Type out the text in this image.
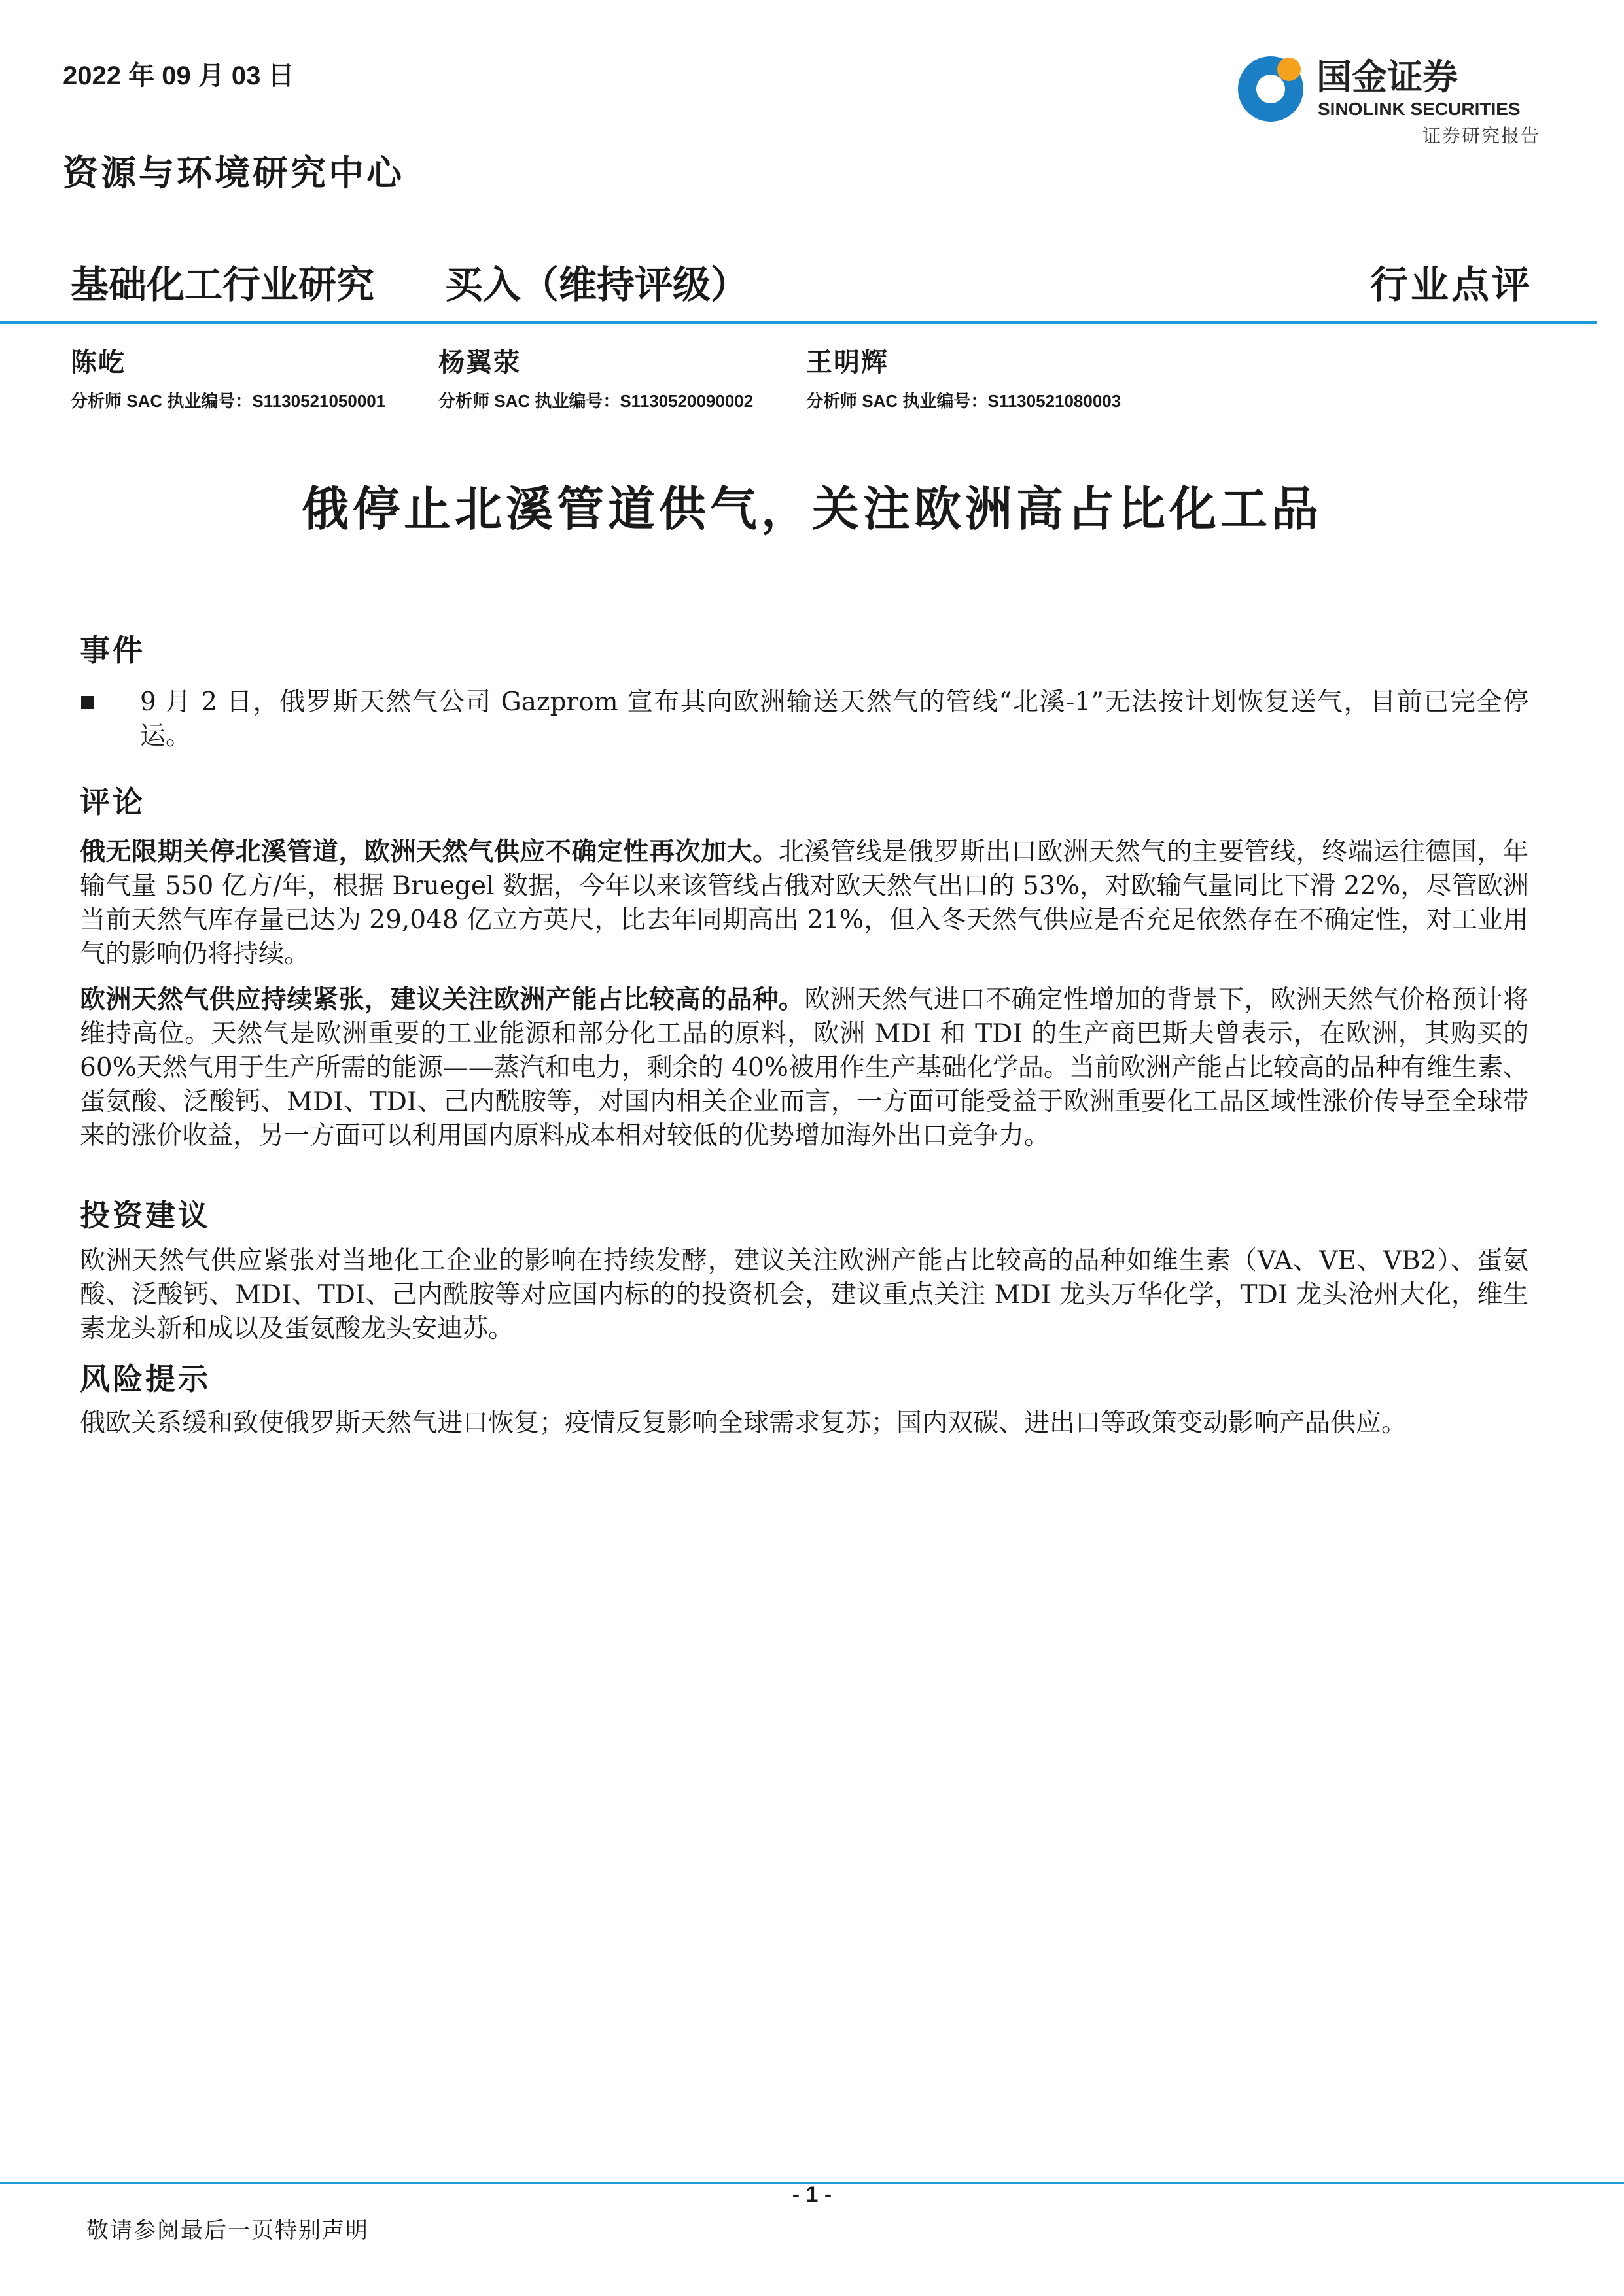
2022 年 09 月 03 日
资源与环境研究中心
国金证券
SINOLINK SECURITIES
证券研究报告
基础化工行业研究 买入（维持评级）	行业点评
陈屹
分析师 SAC 执业编号：S1130521050001
杨翼荥
分析师 SAC 执业编号：S1130520090002
王明辉
分析师 SAC 执业编号：S1130521080003
俄停止北溪管道供气，关注欧洲高占比化工品
事件
9 月 2 日，俄罗斯天然气公司 Gazprom 宣布其向欧洲输送天然气的管线“北溪-1”无法按计划恢复送气，目前已完全停运。
评论
俄无限期关停北溪管道，欧洲天然气供应不确定性再次加大。北溪管线是俄罗斯出口欧洲天然气的主要管线，终端运往德国，年输气量 550 亿方/年，根据 Bruegel 数据，今年以来该管线占俄对欧天然气出口的 53%，对欧输气量同比下滑 22%，尽管欧洲当前天然气库存量已达为 29,048 亿立方英尺，比去年同期高出 21%，但入冬天然气供应是否充足依然存在不确定性，对工业用气的影响仍将持续。
欧洲天然气供应持续紧张，建议关注欧洲产能占比较高的品种。欧洲天然气进口不确定性增加的背景下，欧洲天然气价格预计将维持高位。天然气是欧洲重要的工业能源和部分化工品的原料，欧洲 MDI 和 TDI 的生产商巴斯夫曾表示，在欧洲，其购买的 60%天然气用于生产所需的能源——蒸汽和电力，剩余的 40%被用作生产基础化学品。当前欧洲产能占比较高的品种有维生素、蛋氨酸、泛酸钙、MDI、TDI、己内酰胺等，对国内相关企业而言，一方面可能受益于欧洲重要化工品区域性涨价传导至全球带来的涨价收益，另一方面可以利用国内原料成本相对较低的优势增加海外出口竞争力。
投资建议
欧洲天然气供应紧张对当地化工企业的影响在持续发酵，建议关注欧洲产能占比较高的品种如维生素（VA、VE、VB2）、蛋氨酸、泛酸钙、MDI、TDI、己内酰胺等对应国内标的的投资机会，建议重点关注 MDI 龙头万华化学，TDI 龙头沧州大化，维生素龙头新和成以及蛋氨酸龙头安迪苏。
风险提示
俄欧关系缓和致使俄罗斯天然气进口恢复；疫情反复影响全球需求复苏；国内双碳、进出口等政策变动影响产品供应。
- 1 -
敬请参阅最后一页特别声明
